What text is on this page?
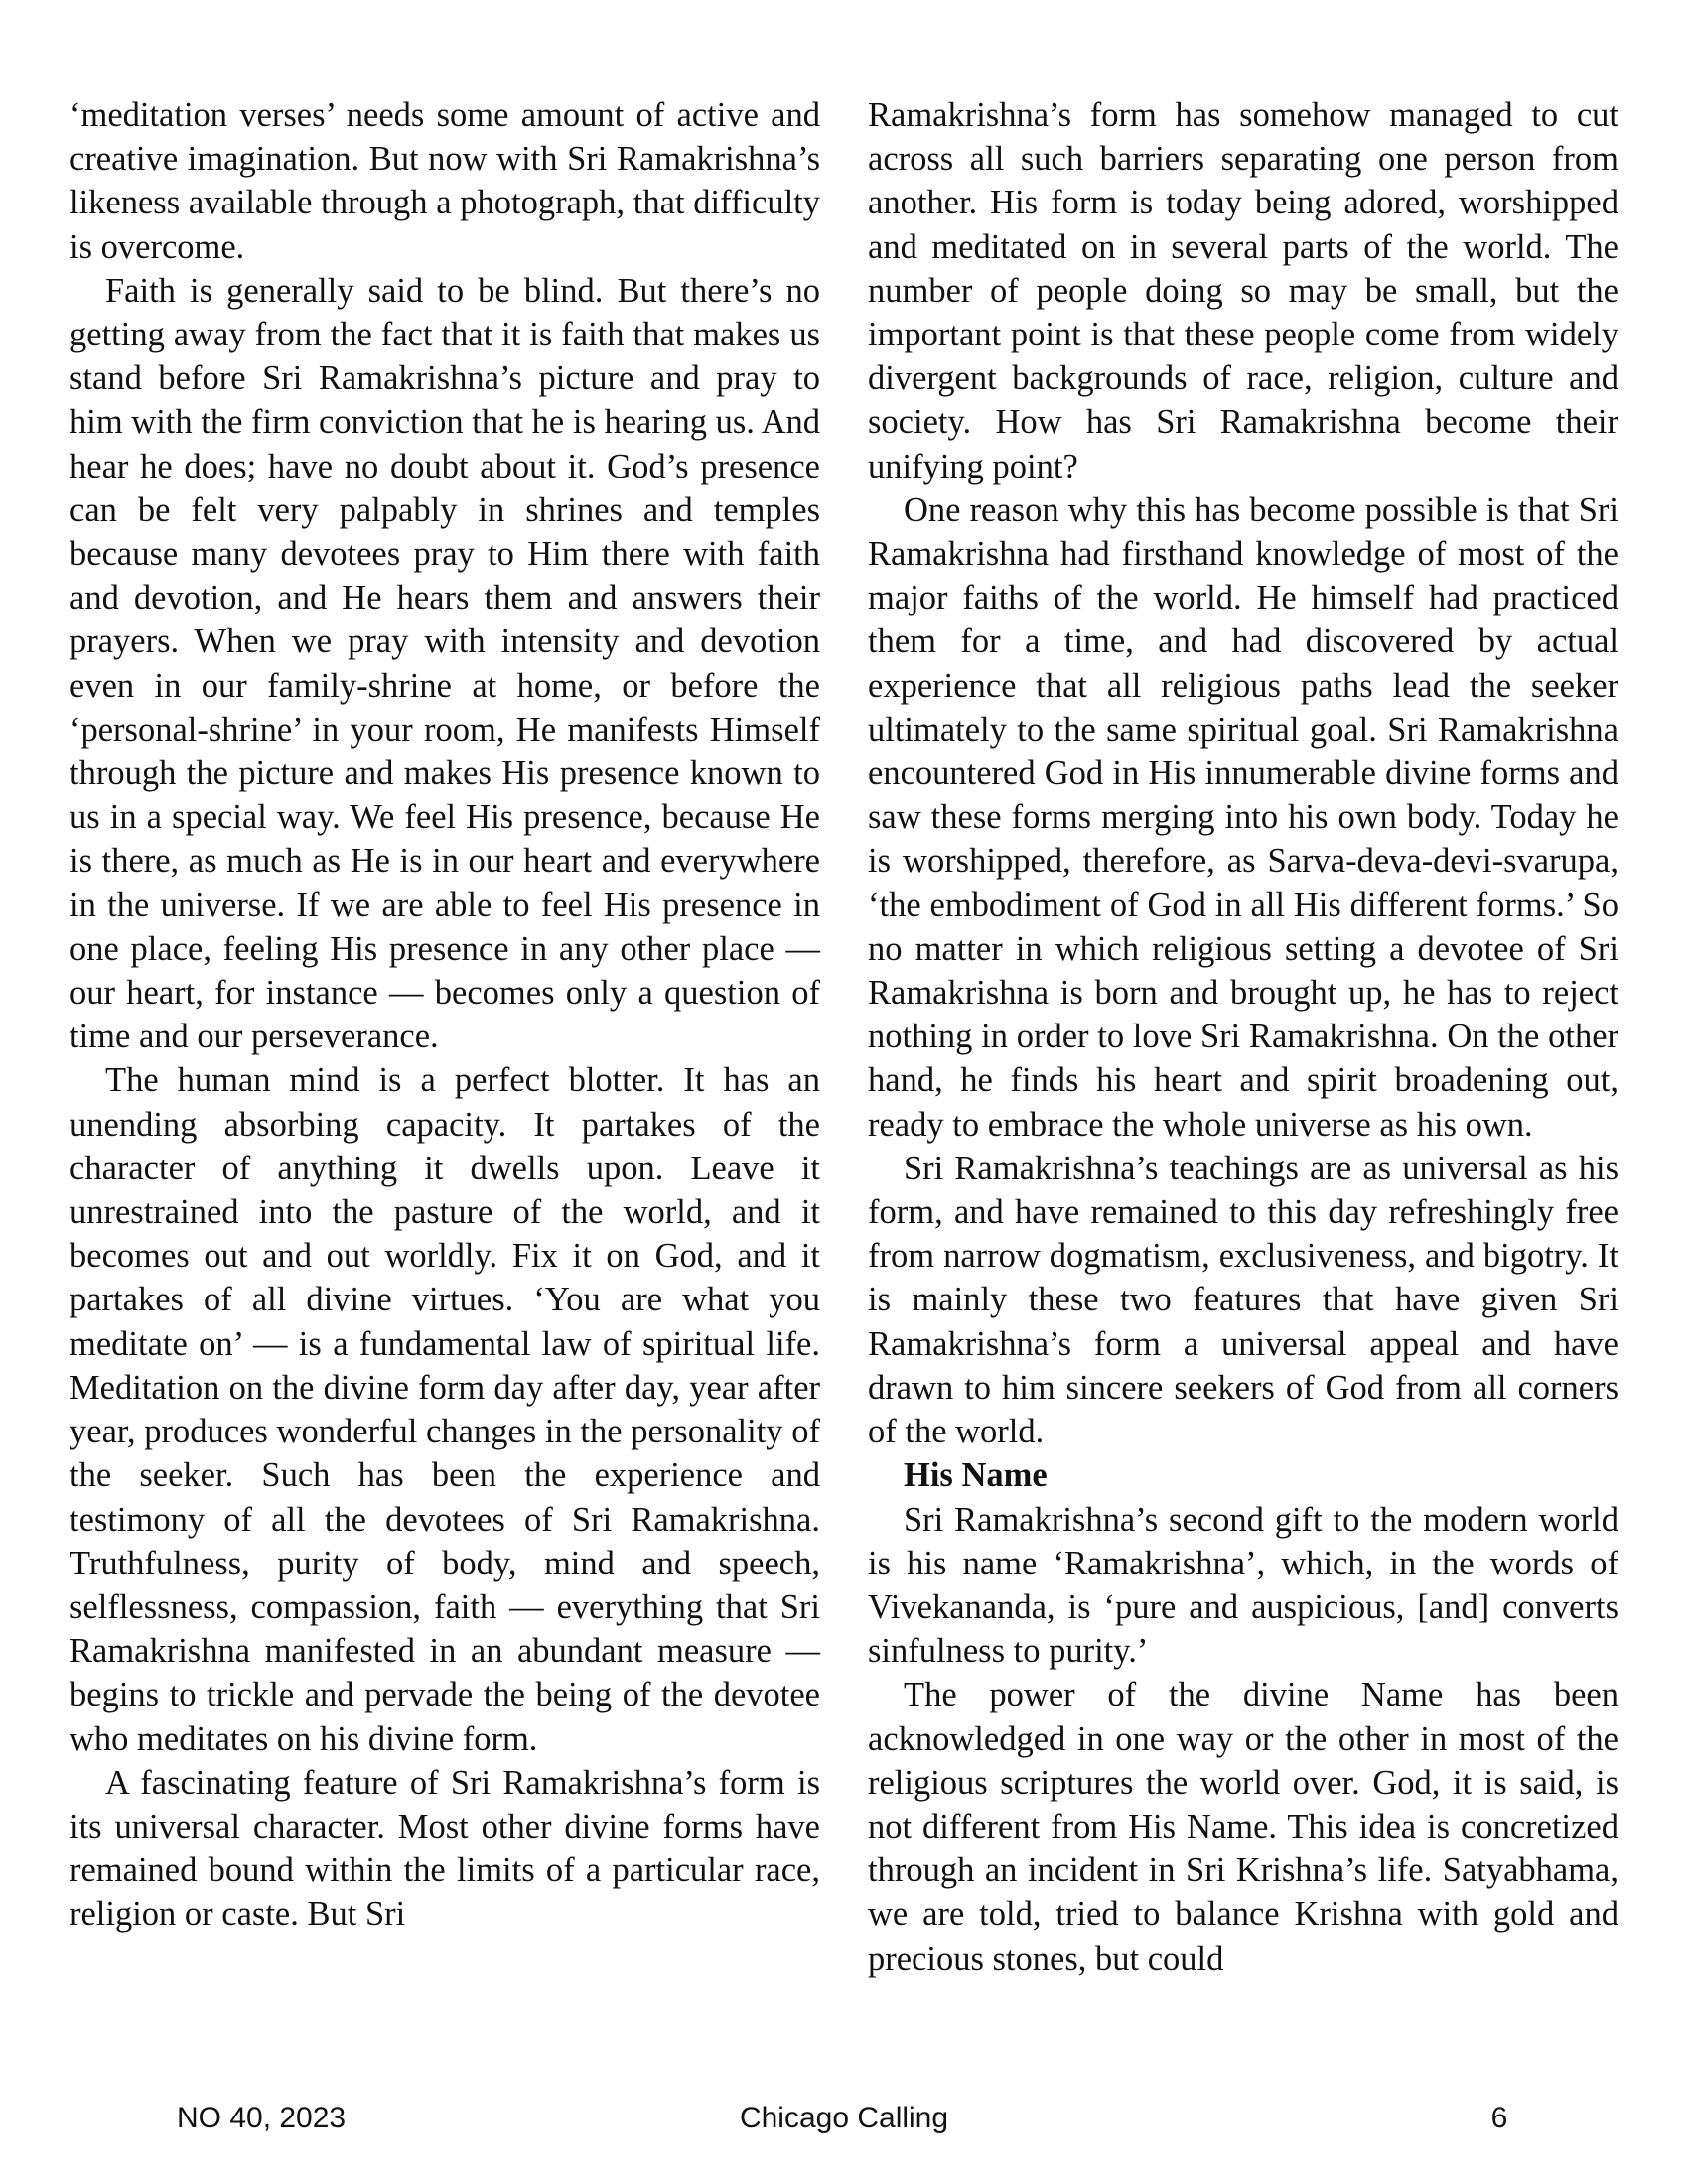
‘meditation verses’ needs some amount of active and creative imagination. But now with Sri Ramakrishna’s likeness available through a photograph, that difficulty is overcome.

Faith is generally said to be blind. But there’s no getting away from the fact that it is faith that makes us stand before Sri Ramakrishna’s picture and pray to him with the firm conviction that he is hearing us. And hear he does; have no doubt about it. God’s presence can be felt very palpably in shrines and temples because many devotees pray to Him there with faith and devotion, and He hears them and answers their prayers. When we pray with intensity and devotion even in our family-shrine at home, or before the ‘personal-shrine’ in your room, He manifests Himself through the picture and makes His presence known to us in a special way. We feel His presence, because He is there, as much as He is in our heart and everywhere in the universe. If we are able to feel His presence in one place, feeling His presence in any other place — our heart, for instance — becomes only a question of time and our perseverance.

The human mind is a perfect blotter. It has an unending absorbing capacity. It partakes of the character of anything it dwells upon. Leave it unrestrained into the pasture of the world, and it becomes out and out worldly. Fix it on God, and it partakes of all divine virtues. ‘You are what you meditate on’ — is a fundamental law of spiritual life. Meditation on the divine form day after day, year after year, produces wonderful changes in the personality of the seeker. Such has been the experience and testimony of all the devotees of Sri Ramakrishna. Truthfulness, purity of body, mind and speech, selflessness, compassion, faith — everything that Sri Ramakrishna manifested in an abundant measure — begins to trickle and pervade the being of the devotee who meditates on his divine form.

A fascinating feature of Sri Ramakrishna’s form is its universal character. Most other divine forms have remained bound within the limits of a particular race, religion or caste. But Sri

Ramakrishna’s form has somehow managed to cut across all such barriers separating one person from another. His form is today being adored, worshipped and meditated on in several parts of the world. The number of people doing so may be small, but the important point is that these people come from widely divergent backgrounds of race, religion, culture and society. How has Sri Ramakrishna become their unifying point?

One reason why this has become possible is that Sri Ramakrishna had firsthand knowledge of most of the major faiths of the world. He himself had practiced them for a time, and had discovered by actual experience that all religious paths lead the seeker ultimately to the same spiritual goal. Sri Ramakrishna encountered God in His innumerable divine forms and saw these forms merging into his own body. Today he is worshipped, therefore, as Sarva-deva-devi-svarupa, ‘the embodiment of God in all His different forms.’ So no matter in which religious setting a devotee of Sri Ramakrishna is born and brought up, he has to reject nothing in order to love Sri Ramakrishna. On the other hand, he finds his heart and spirit broadening out, ready to embrace the whole universe as his own.

Sri Ramakrishna’s teachings are as universal as his form, and have remained to this day refreshingly free from narrow dogmatism, exclusiveness, and bigotry. It is mainly these two features that have given Sri Ramakrishna’s form a universal appeal and have drawn to him sincere seekers of God from all corners of the world.

His Name

Sri Ramakrishna’s second gift to the modern world is his name ‘Ramakrishna’, which, in the words of Vivekananda, is ‘pure and auspicious, [and] converts sinfulness to purity.’

The power of the divine Name has been acknowledged in one way or the other in most of the religious scriptures the world over. God, it is said, is not different from His Name. This idea is concretized through an incident in Sri Krishna’s life. Satyabhama, we are told, tried to balance Krishna with gold and precious stones, but could

NO 40, 2023	Chicago Calling	6
